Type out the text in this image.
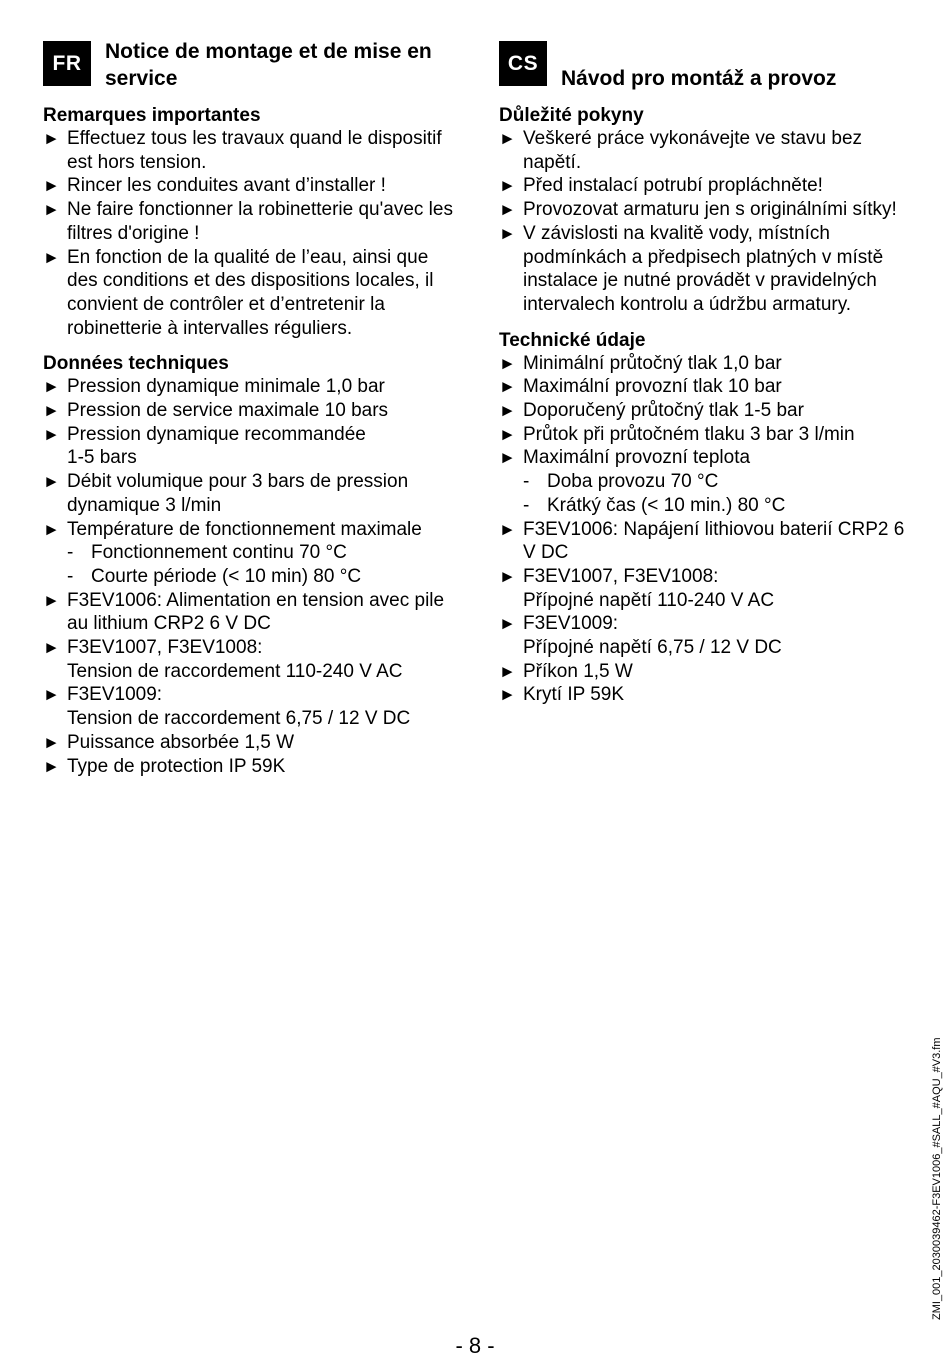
FR	Notice de montage et de mise en service
Remarques importantes
► Effectuez tous les travaux quand le dispositif est hors tension.
► Rincer les conduites avant d’installer !
► Ne faire fonctionner la robinetterie qu'avec les filtres d'origine !
► En fonction de la qualité de l’eau, ainsi que des conditions et des dispositions locales, il convient de contrôler et d’entretenir la robinetterie à intervalles réguliers.
Données techniques
► Pression dynamique minimale 1,0 bar
► Pression de service maximale 10 bars
► Pression dynamique recommandée
1-5 bars
► Débit volumique pour 3 bars de pression dynamique 3 l/min
► Température de fonctionnement maximale
- Fonctionnement continu 70 °C
- Courte période (< 10 min) 80 °C
► F3EV1006: Alimentation en tension avec pile au lithium CRP2 6 V DC
► F3EV1007, F3EV1008:
Tension de raccordement 110-240 V AC
► F3EV1009:
Tension de raccordement 6,75 / 12 V DC
► Puissance absorbée 1,5 W
► Type de protection IP 59K
CS
Návod pro montáž a provoz
Důležité pokyny
► Veškeré práce vykonávejte ve stavu bez napětí.
► Před instalací potrubí propláchněte!
► Provozovat armaturu jen s originálními sítky!
► V závislosti na kvalitě vody, místních podmínkách a předpisech platných v místě instalace je nutné provádět v pravidelných intervalech kontrolu a údržbu armatury.
Technické údaje
► Minimální průtočný tlak 1,0 bar
► Maximální provozní tlak 10 bar
► Doporučený průtočný tlak 1-5 bar
► Průtok při průtočném tlaku 3 bar 3 l/min
► Maximální provozní teplota
- Doba provozu 70 °C
- Krátký čas (< 10 min.) 80 °C
► F3EV1006: Napájení lithiovou baterií CRP2 6 V DC
► F3EV1007, F3EV1008:
Přípojné napětí 110-240 V AC
► F3EV1009:
Přípojné napětí 6,75 / 12 V DC
► Příkon 1,5 W
► Krytí IP 59K
ZMI_001_2030039462-F3EV1006_#SALL_#AQU_#V3.fm
- 8 -
